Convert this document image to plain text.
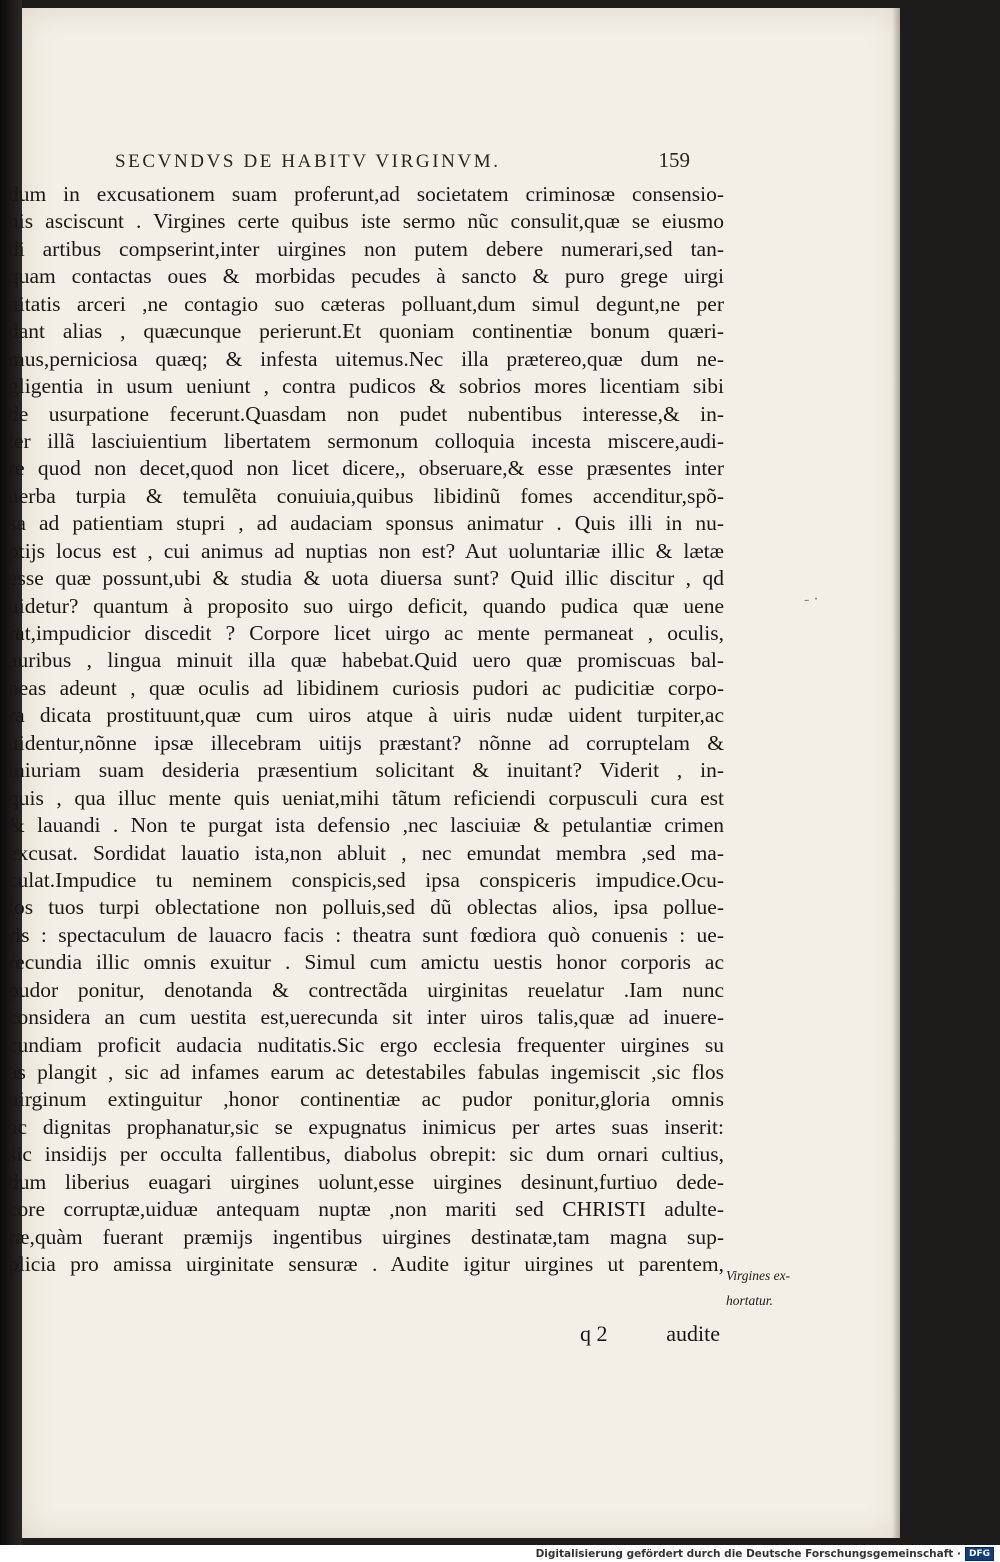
SECVNDVS DE HABITV VIRGINVM.	159
dum in excusationem suam proferunt,ad societatem criminosæ consensio-
nis asciscunt . Virgines certe quibus iste sermo nũc consulit,quæ se eiusmo
di artibus compserint,inter uirgines non putem debere numerari,sed tan-
quam contactas oues & morbidas pecudes à sancto & puro grege uirgi
nitatis arceri ,ne contagio suo cæteras polluant,dum simul degunt,ne per
dant alias , quæcunque perierunt.Et quoniam continentiæ bonum quæri-
mus,perniciosa quæq; & infesta uitemus.Nec illa prætereo,quæ dum ne-
gligentia in usum ueniunt , contra pudicos & sobrios mores licentiam sibi
de usurpatione fecerunt.Quasdam non pudet nubentibus interesse,& in-
ter illã lasciuientium libertatem sermonum colloquia incesta miscere,audi-
re quod non decet,quod non licet dicere,, obseruare,& esse præsentes inter
uerba turpia & temulẽta conuiuia,quibus libidinũ fomes accenditur,spõ-
sa ad patientiam stupri , ad audaciam sponsus animatur . Quis illi in nu-
ptijs locus est , cui animus ad nuptias non est? Aut uoluntariæ illic & lætæ
esse quæ possunt,ubi & studia & uota diuersa sunt? Quid illic discitur , qd
uidetur? quantum à proposito suo uirgo deficit, quando pudica quæ uene
rat,impudicior discedit ? Corpore licet uirgo ac mente permaneat , oculis,
auribus , lingua minuit illa quæ habebat.Quid uero quæ promiscuas bal-
neas adeunt , quæ oculis ad libidinem curiosis pudori ac pudicitiæ corpo-
ra dicata prostituunt,quæ cum uiros atque à uiris nudæ uident turpiter,ac
uidentur,nõnne ipsæ illecebram uitijs præstant? nõnne ad corruptelam &
iniuriam suam desideria præsentium solicitant & inuitant? Viderit , in-
quis , qua illuc mente quis ueniat,mihi tãtum reficiendi corpusculi cura est
& lauandi . Non te purgat ista defensio ,nec lasciuiæ & petulantiæ crimen
excusat. Sordidat lauatio ista,non abluit , nec emundat membra ,sed ma-
culat.Impudice tu neminem conspicis,sed ipsa conspiceris impudice.Ocu-
los tuos turpi oblectatione non polluis,sed dũ oblectas alios, ipsa pollue-
ris : spectaculum de lauacro facis : theatra sunt fœdiora quò conuenis : ue-
recundia illic omnis exuitur . Simul cum amictu uestis honor corporis ac
pudor ponitur, denotanda & contrectãda uirginitas reuelatur .Iam nunc
considera an cum uestita est,uerecunda sit inter uiros talis,quæ ad inuere-
cundiam proficit audacia nuditatis.Sic ergo ecclesia frequenter uirgines su
as plangit , sic ad infames earum ac detestabiles fabulas ingemiscit ,sic flos
uirginum extinguitur ,honor continentiæ ac pudor ponitur,gloria omnis
ac dignitas prophanatur,sic se expugnatus inimicus per artes suas inserit:
sic insidijs per occulta fallentibus, diabolus obrepit: sic dum ornari cultius,
dum liberius euagari uirgines uolunt,esse uirgines desinunt,furtiuo dede-
core corruptæ,uiduæ antequam nuptæ ,non mariti sed CHRISTI adulte-
ræ,quàm fuerant præmijs ingentibus uirgines destinatæ,tam magna sup-
plicia pro amissa uirginitate sensuræ . Audite igitur uirgines ut parentem,
- ·
Virgines ex-
hortatur.
q 2	audite
Digitalisierung gefördert durch die Deutsche Forschungsgemeinschaft · DFG
